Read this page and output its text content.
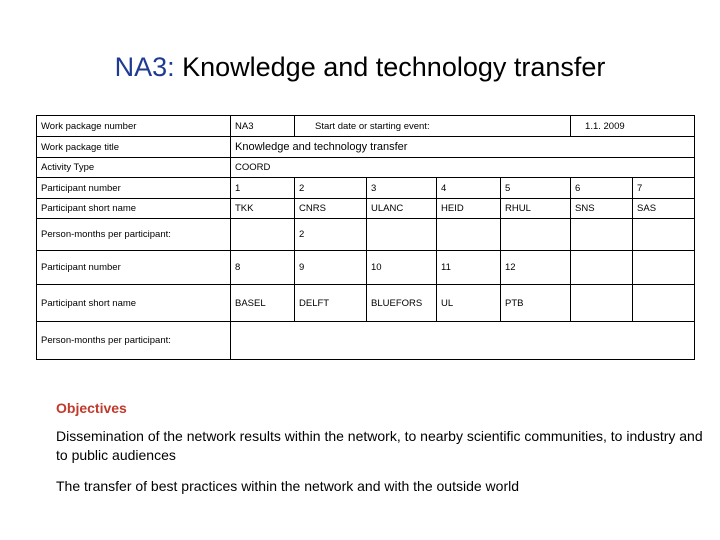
NA3: Knowledge and technology transfer
Work package number	NA3	Start date or starting event:				1.1. 2009	
Work package title	Knowledge and technology transfer						
Activity Type	COORD						
Participant number	1	2	3	4	5	6	7
Participant short name	TKK	CNRS	ULANC	HEID	RHUL	SNS	SAS
Person-months per participant:		2					
Participant number	8	9	10	11	12		
Participant short name	BASEL	DELFT	BLUEFORS	UL	PTB		
Person-months per participant:							
Objectives
Dissemination of the network results within the network, to nearby scientific communities, to industry and to public audiences
The transfer of best practices within the network and with the outside world
